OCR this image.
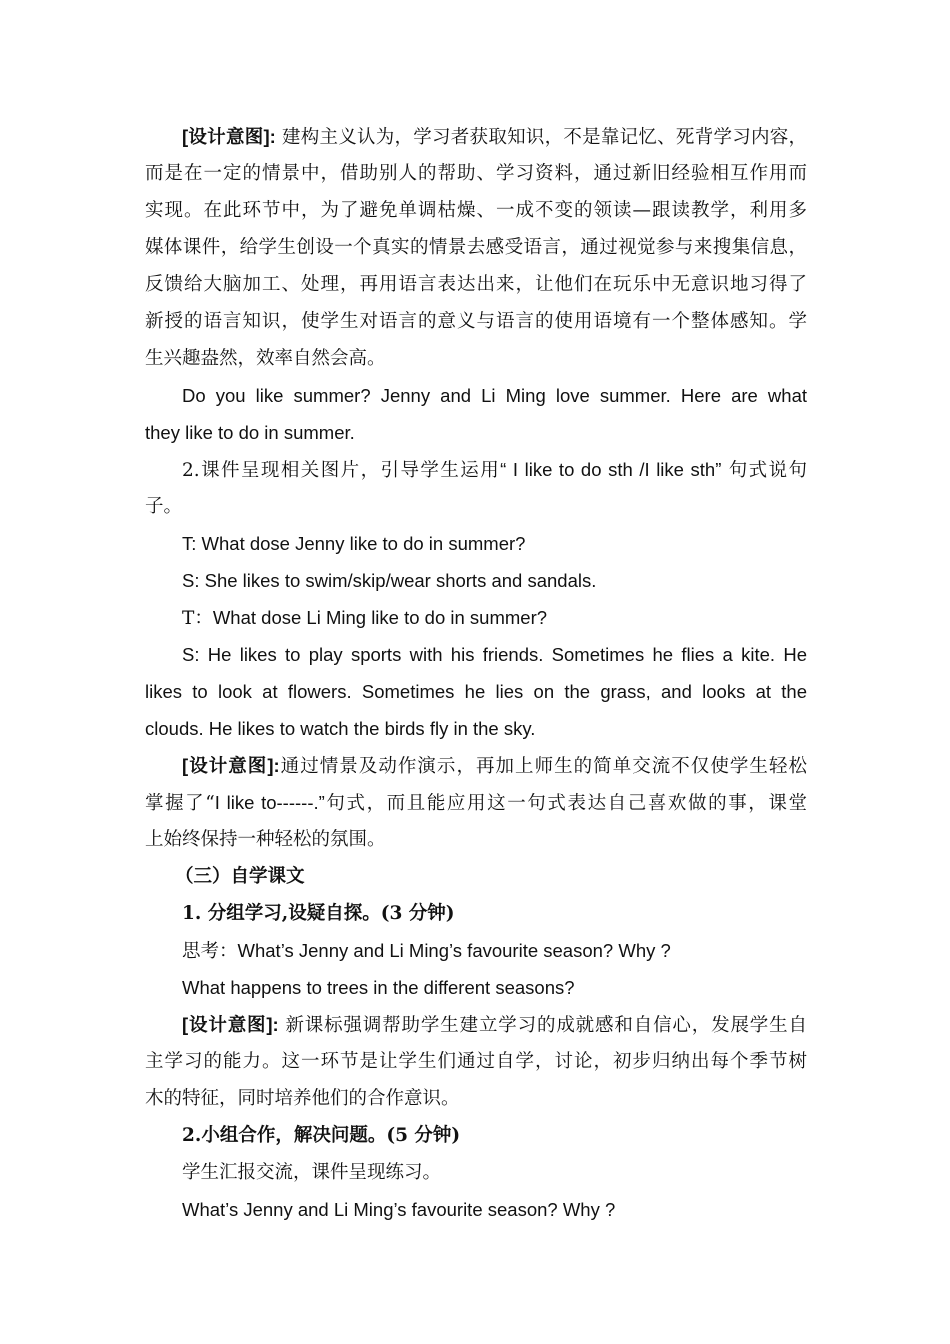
[设计意图]: 建构主义认为，学习者获取知识，不是靠记忆、死背学习内容，
而是在一定的情景中，借助别人的帮助、学习资料，通过新旧经验相互作用而
实现。在此环节中，为了避免单调枯燥、一成不变的领读—跟读教学，利用多
媒体课件，给学生创设一个真实的情景去感受语言，通过视觉参与来搜集信息，
反馈给大脑加工、处理，再用语言表达出来，让他们在玩乐中无意识地习得了
新授的语言知识，使学生对语言的意义与语言的使用语境有一个整体感知。学
生兴趣盎然，效率自然会高。
Do you like summer? Jenny and Li Ming love summer. Here are what
they like to do in summer.
2.课件呈现相关图片，引导学生运用“ I like to do sth /I like sth” 句式说句
子。
T: What dose Jenny like to do in summer?
S: She likes to swim/skip/wear shorts and sandals.
T：What dose Li Ming like to do in summer?
S: He likes to play sports with his friends. Sometimes he flies a kite. He
likes to look at flowers. Sometimes he lies on the grass, and looks at the
clouds. He likes to watch the birds fly in the sky.
[设计意图]:通过情景及动作演示，再加上师生的简单交流不仅使学生轻松
掌握了“I like to------.”句式，而且能应用这一句式表达自己喜欢做的事，课堂
上始终保持一种轻松的氛围。
（三）自学课文
1. 分组学习,设疑自探。(3 分钟)
思考：What’s Jenny and Li Ming’s favourite season? Why ?
What happens to trees in the different seasons?
[设计意图]: 新课标强调帮助学生建立学习的成就感和自信心，发展学生自
主学习的能力。这一环节是让学生们通过自学，讨论，初步归纳出每个季节树
木的特征，同时培养他们的合作意识。
2.小组合作，解决问题。(5 分钟)
学生汇报交流，课件呈现练习。
What’s Jenny and Li Ming’s favourite season? Why ?
